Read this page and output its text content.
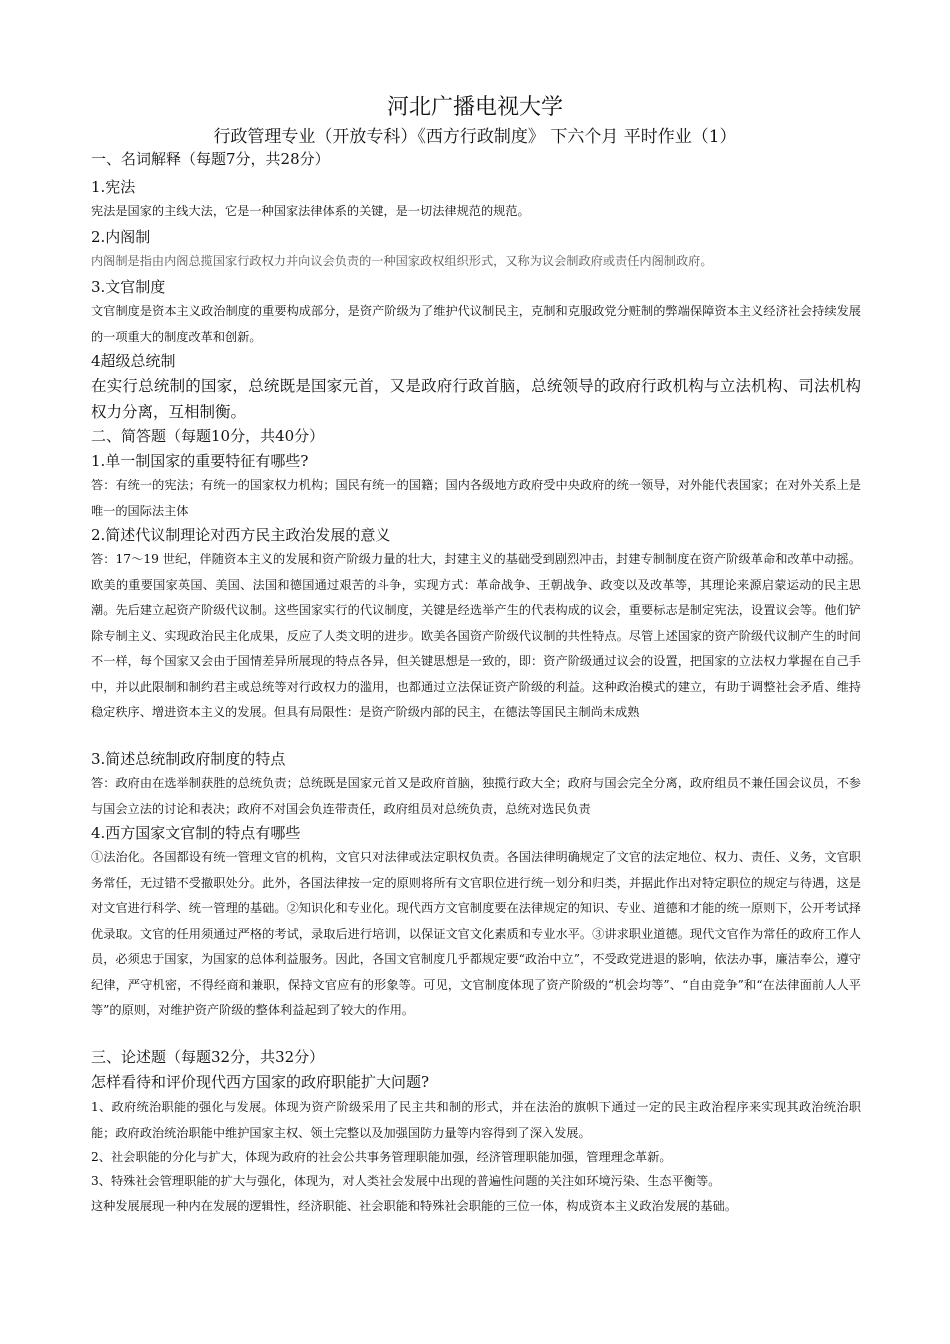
河北广播电视大学
行政管理专业（开放专科）《西方行政制度》 下六个月 平时作业（1）
一、名词解释（每题7分，共28分）
1.宪法
宪法是国家的主线大法，它是一种国家法律体系的关键，是一切法律规范的规范。
2.内阁制
内阁制是指由内阁总揽国家行政权力并向议会负责的一种国家政权组织形式，又称为议会制政府或责任内阁制政府。
3.文官制度
文官制度是资本主义政治制度的重要构成部分，是资产阶级为了维护代议制民主，克制和克服政党分赃制的弊端保障资本主义经济社会持续发展的一项重大的制度改革和创新。
4超级总统制
在实行总统制的国家，总统既是国家元首，又是政府行政首脑，总统领导的政府行政机构与立法机构、司法机构权力分离，互相制衡。
二、简答题（每题10分，共40分）
1.单一制国家的重要特征有哪些?
答：有统一的宪法；有统一的国家权力机构；国民有统一的国籍；国内各级地方政府受中央政府的统一领导，对外能代表国家；在对外关系上是唯一的国际法主体
2.简述代议制理论对西方民主政治发展的意义
答：17～19 世纪，伴随资本主义的发展和资产阶级力量的壮大，封建主义的基础受到剧烈冲击，封建专制制度在资产阶级革命和改革中动摇。欧美的重要国家英国、美国、法国和德国通过艰苦的斗争，实现方式：革命战争、王朝战争、政变以及改革等，其理论来源启蒙运动的民主思潮。先后建立起资产阶级代议制。这些国家实行的代议制度，关键是经选举产生的代表构成的议会，重要标志是制定宪法，设置议会等。他们铲除专制主义、实现政治民主化成果，反应了人类文明的进步。欧美各国资产阶级代议制的共性特点。尽管上述国家的资产阶级代议制产生的时间不一样，每个国家又会由于国情差异所展现的特点各异，但关键思想是一致的，即：资产阶级通过议会的设置，把国家的立法权力掌握在自己手中，并以此限制和制约君主或总统等对行政权力的滥用，也都通过立法保证资产阶级的利益。这种政治模式的建立，有助于调整社会矛盾、维持稳定秩序、增进资本主义的发展。但具有局限性：是资产阶级内部的民主，在德法等国民主制尚未成熟
3.简述总统制政府制度的特点
答：政府由在选举制获胜的总统负责；总统既是国家元首又是政府首脑，独揽行政大全；政府与国会完全分离，政府组员不兼任国会议员，不参与国会立法的讨论和表决；政府不对国会负连带责任，政府组员对总统负责，总统对选民负责
4.西方国家文官制的特点有哪些
①法治化。各国都设有统一管理文官的机构，文官只对法律或法定职权负责。各国法律明确规定了文官的法定地位、权力、责任、义务，文官职务常任，无过错不受撤职处分。此外，各国法律按一定的原则将所有文官职位进行统一划分和归类，并据此作出对特定职位的规定与待遇，这是对文官进行科学、统一管理的基础。②知识化和专业化。现代西方文官制度要在法律规定的知识、专业、道德和才能的统一原则下，公开考试择优录取。文官的任用须通过严格的考试，录取后进行培训，以保证文官文化素质和专业水平。③讲求职业道德。现代文官作为常任的政府工作人员，必须忠于国家，为国家的总体利益服务。因此，各国文官制度几乎都规定要“政治中立”，不受政党进退的影响，依法办事，廉洁奉公，遵守纪律，严守机密，不得经商和兼职，保持文官应有的形象等。可见，文官制度体现了资产阶级的“机会均等”、“自由竞争”和“在法律面前人人平等”的原则，对维护资产阶级的整体利益起到了较大的作用。
三、论述题（每题32分，共32分）
怎样看待和评价现代西方国家的政府职能扩大问题?
1、政府统治职能的强化与发展。体现为资产阶级采用了民主共和制的形式，并在法治的旗帜下通过一定的民主政治程序来实现其政治统治职能；政府政治统治职能中维护国家主权、领土完整以及加强国防力量等内容得到了深入发展。
2、社会职能的分化与扩大，体现为政府的社会公共事务管理职能加强，经济管理职能加强，管理理念革新。
3、特殊社会管理职能的扩大与强化，体现为，对人类社会发展中出现的普遍性问题的关注如环境污染、生态平衡等。
这种发展展现一种内在发展的逻辑性，经济职能、社会职能和特殊社会职能的三位一体，构成资本主义政治发展的基础。
